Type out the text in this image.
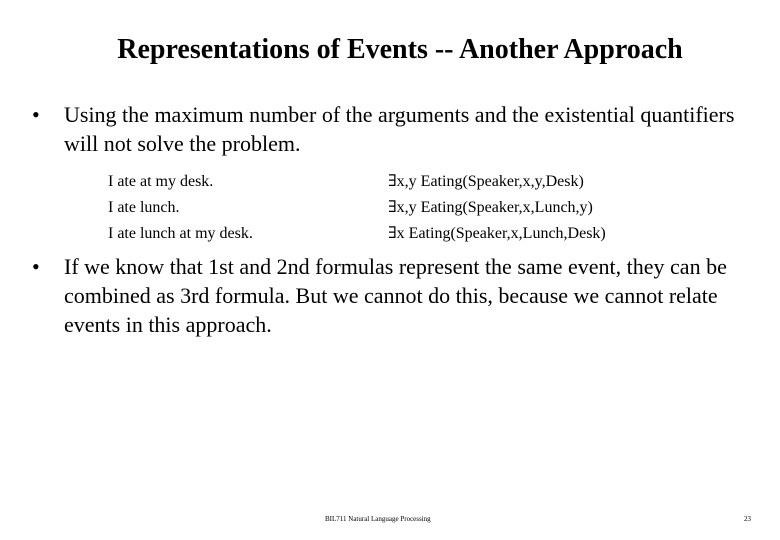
Representations of Events -- Another Approach
• Using the maximum number of the arguments and the existential quantifiers will not solve the problem.
I ate at my desk.	∃x,y Eating(Speaker,x,y,Desk)
I ate lunch.	∃x,y Eating(Speaker,x,Lunch,y)
I ate lunch at my desk.	∃x Eating(Speaker,x,Lunch,Desk)
• If we know that 1st and 2nd formulas represent the same event, they can be combined as 3rd formula. But we cannot do this, because we cannot relate events in this approach.
BIL711 Natural Language Processing	23
